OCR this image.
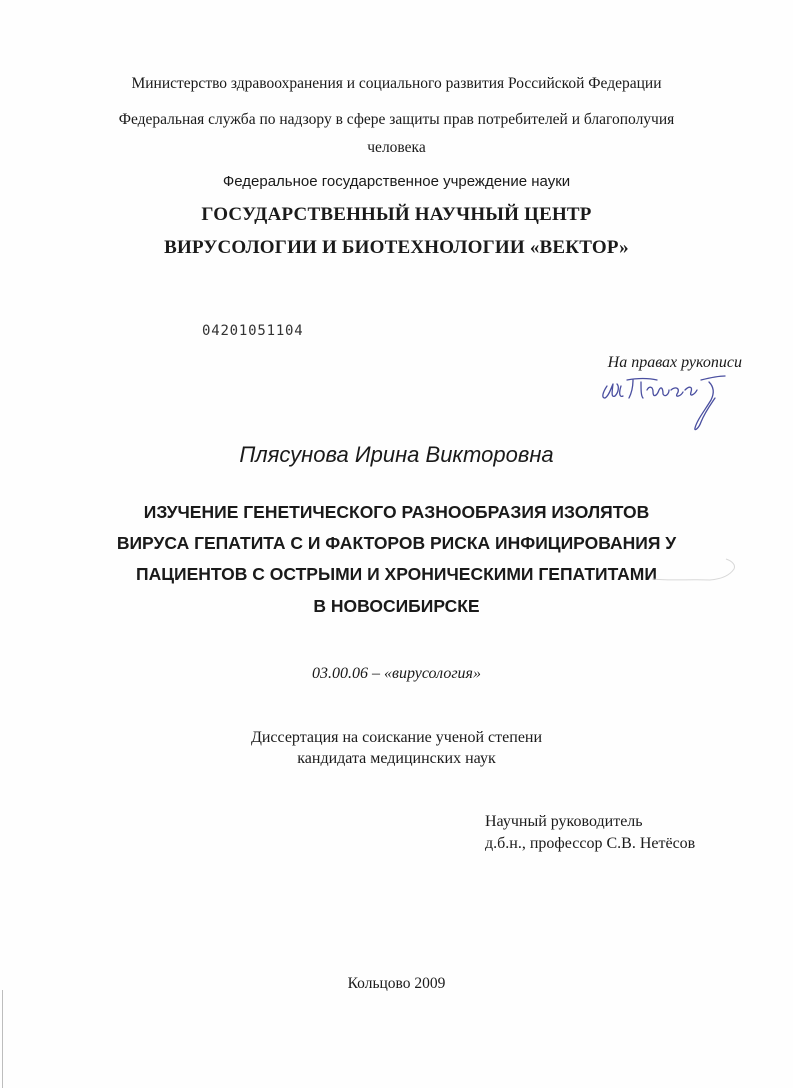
Министерство здравоохранения и социального развития Российской Федерации
Федеральная служба по надзору в сфере защиты прав потребителей и благополучия
человека
Федеральное государственное учреждение науки
ГОСУДАРСТВЕННЫЙ НАУЧНЫЙ ЦЕНТР
ВИРУСОЛОГИИ И БИОТЕХНОЛОГИИ «ВЕКТОР»
04201051104
На правах рукописи
Плясунова Ирина Викторовна
ИЗУЧЕНИЕ ГЕНЕТИЧЕСКОГО РАЗНООБРАЗИЯ ИЗОЛЯТОВ
ВИРУСА ГЕПАТИТА С И ФАКТОРОВ РИСКА ИНФИЦИРОВАНИЯ У
ПАЦИЕНТОВ С ОСТРЫМИ И ХРОНИЧЕСКИМИ ГЕПАТИТАМИ
В НОВОСИБИРСКЕ
03.00.06 – «вирусология»
Диссертация на соискание ученой степени
кандидата медицинских наук
Научный руководитель
д.б.н., профессор С.В. Нетёсов
Кольцово 2009
